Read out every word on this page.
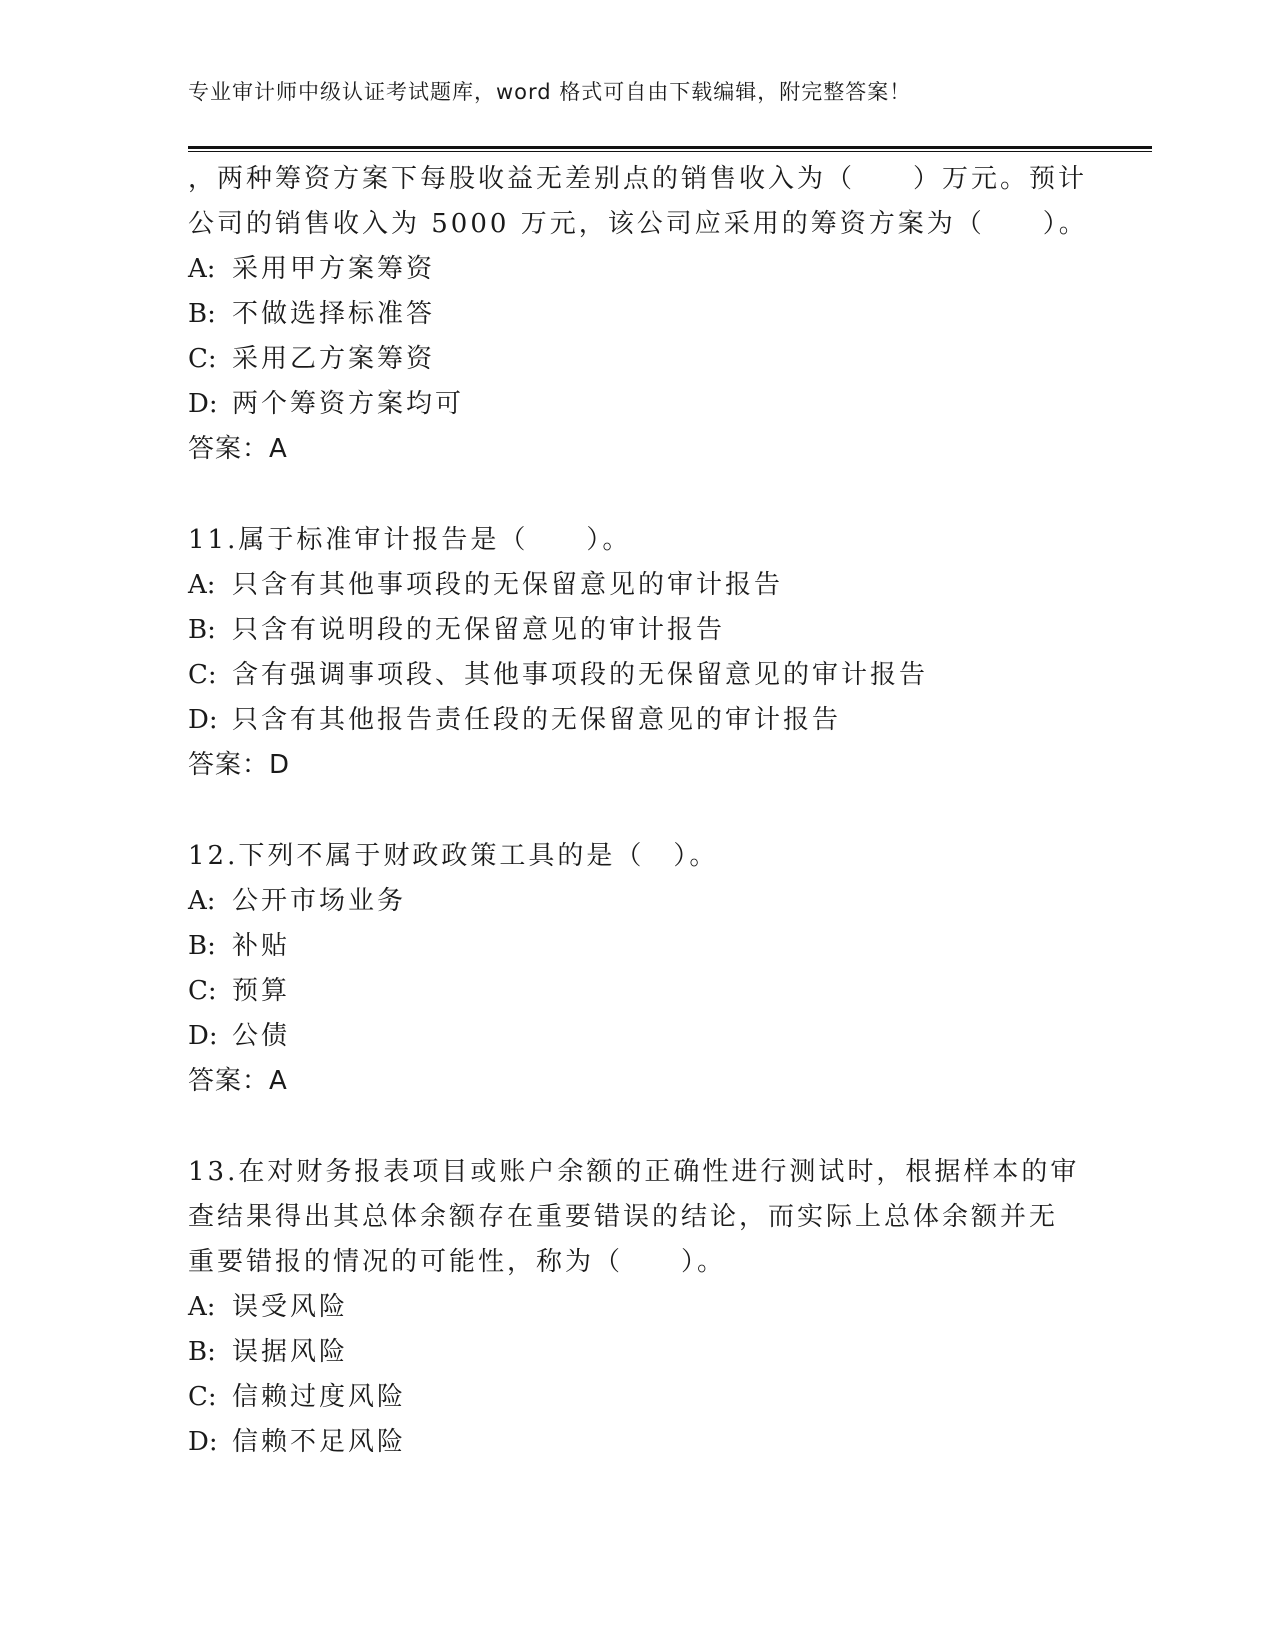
专业审计师中级认证考试题库，word 格式可自由下载编辑，附完整答案！
，两种筹资方案下每股收益无差别点的销售收入为（　　）万元。预计
公司的销售收入为 5000 万元，该公司应采用的筹资方案为（　　）。
A: 采用甲方案筹资
B: 不做选择标准答
C: 采用乙方案筹资
D: 两个筹资方案均可
答案：A
11.属于标准审计报告是（　　）。
A: 只含有其他事项段的无保留意见的审计报告
B: 只含有说明段的无保留意见的审计报告
C: 含有强调事项段、其他事项段的无保留意见的审计报告
D: 只含有其他报告责任段的无保留意见的审计报告
答案：D
12.下列不属于财政政策工具的是（　）。
A: 公开市场业务
B: 补贴
C: 预算
D: 公债
答案：A
13.在对财务报表项目或账户余额的正确性进行测试时，根据样本的审
查结果得出其总体余额存在重要错误的结论，而实际上总体余额并无
重要错报的情况的可能性，称为（　　）。
A: 误受风险
B: 误据风险
C: 信赖过度风险
D: 信赖不足风险
